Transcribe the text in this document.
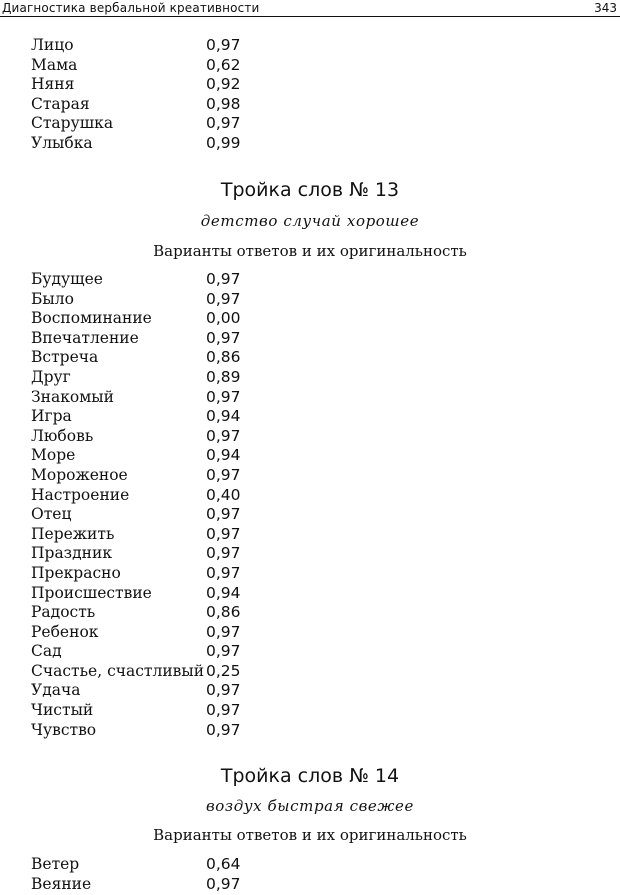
Диагностика вербальной креативности	343
Лицо	0,97
Мама	0,62
Няня	0,92
Старая	0,98
Старушка	0,97
Улыбка	0,99
Тройка слов № 13
детство случай хорошее
Варианты ответов и их оригинальность
Будущее	0,97
Было	0,97
Воспоминание	0,00
Впечатление	0,97
Встреча	0,86
Друг	0,89
Знакомый	0,97
Игра	0,94
Любовь	0,97
Море	0,94
Мороженое	0,97
Настроение	0,40
Отец	0,97
Пережить	0,97
Праздник	0,97
Прекрасно	0,97
Происшествие	0,94
Радость	0,86
Ребенок	0,97
Сад	0,97
Счастье, счастливый 0,25
Удача	0,97
Чистый	0,97
Чувство	0,97
Тройка слов № 14
воздух быстрая свежее
Варианты ответов и их оригинальность
Ветер	0,64
Веяние	0,97
